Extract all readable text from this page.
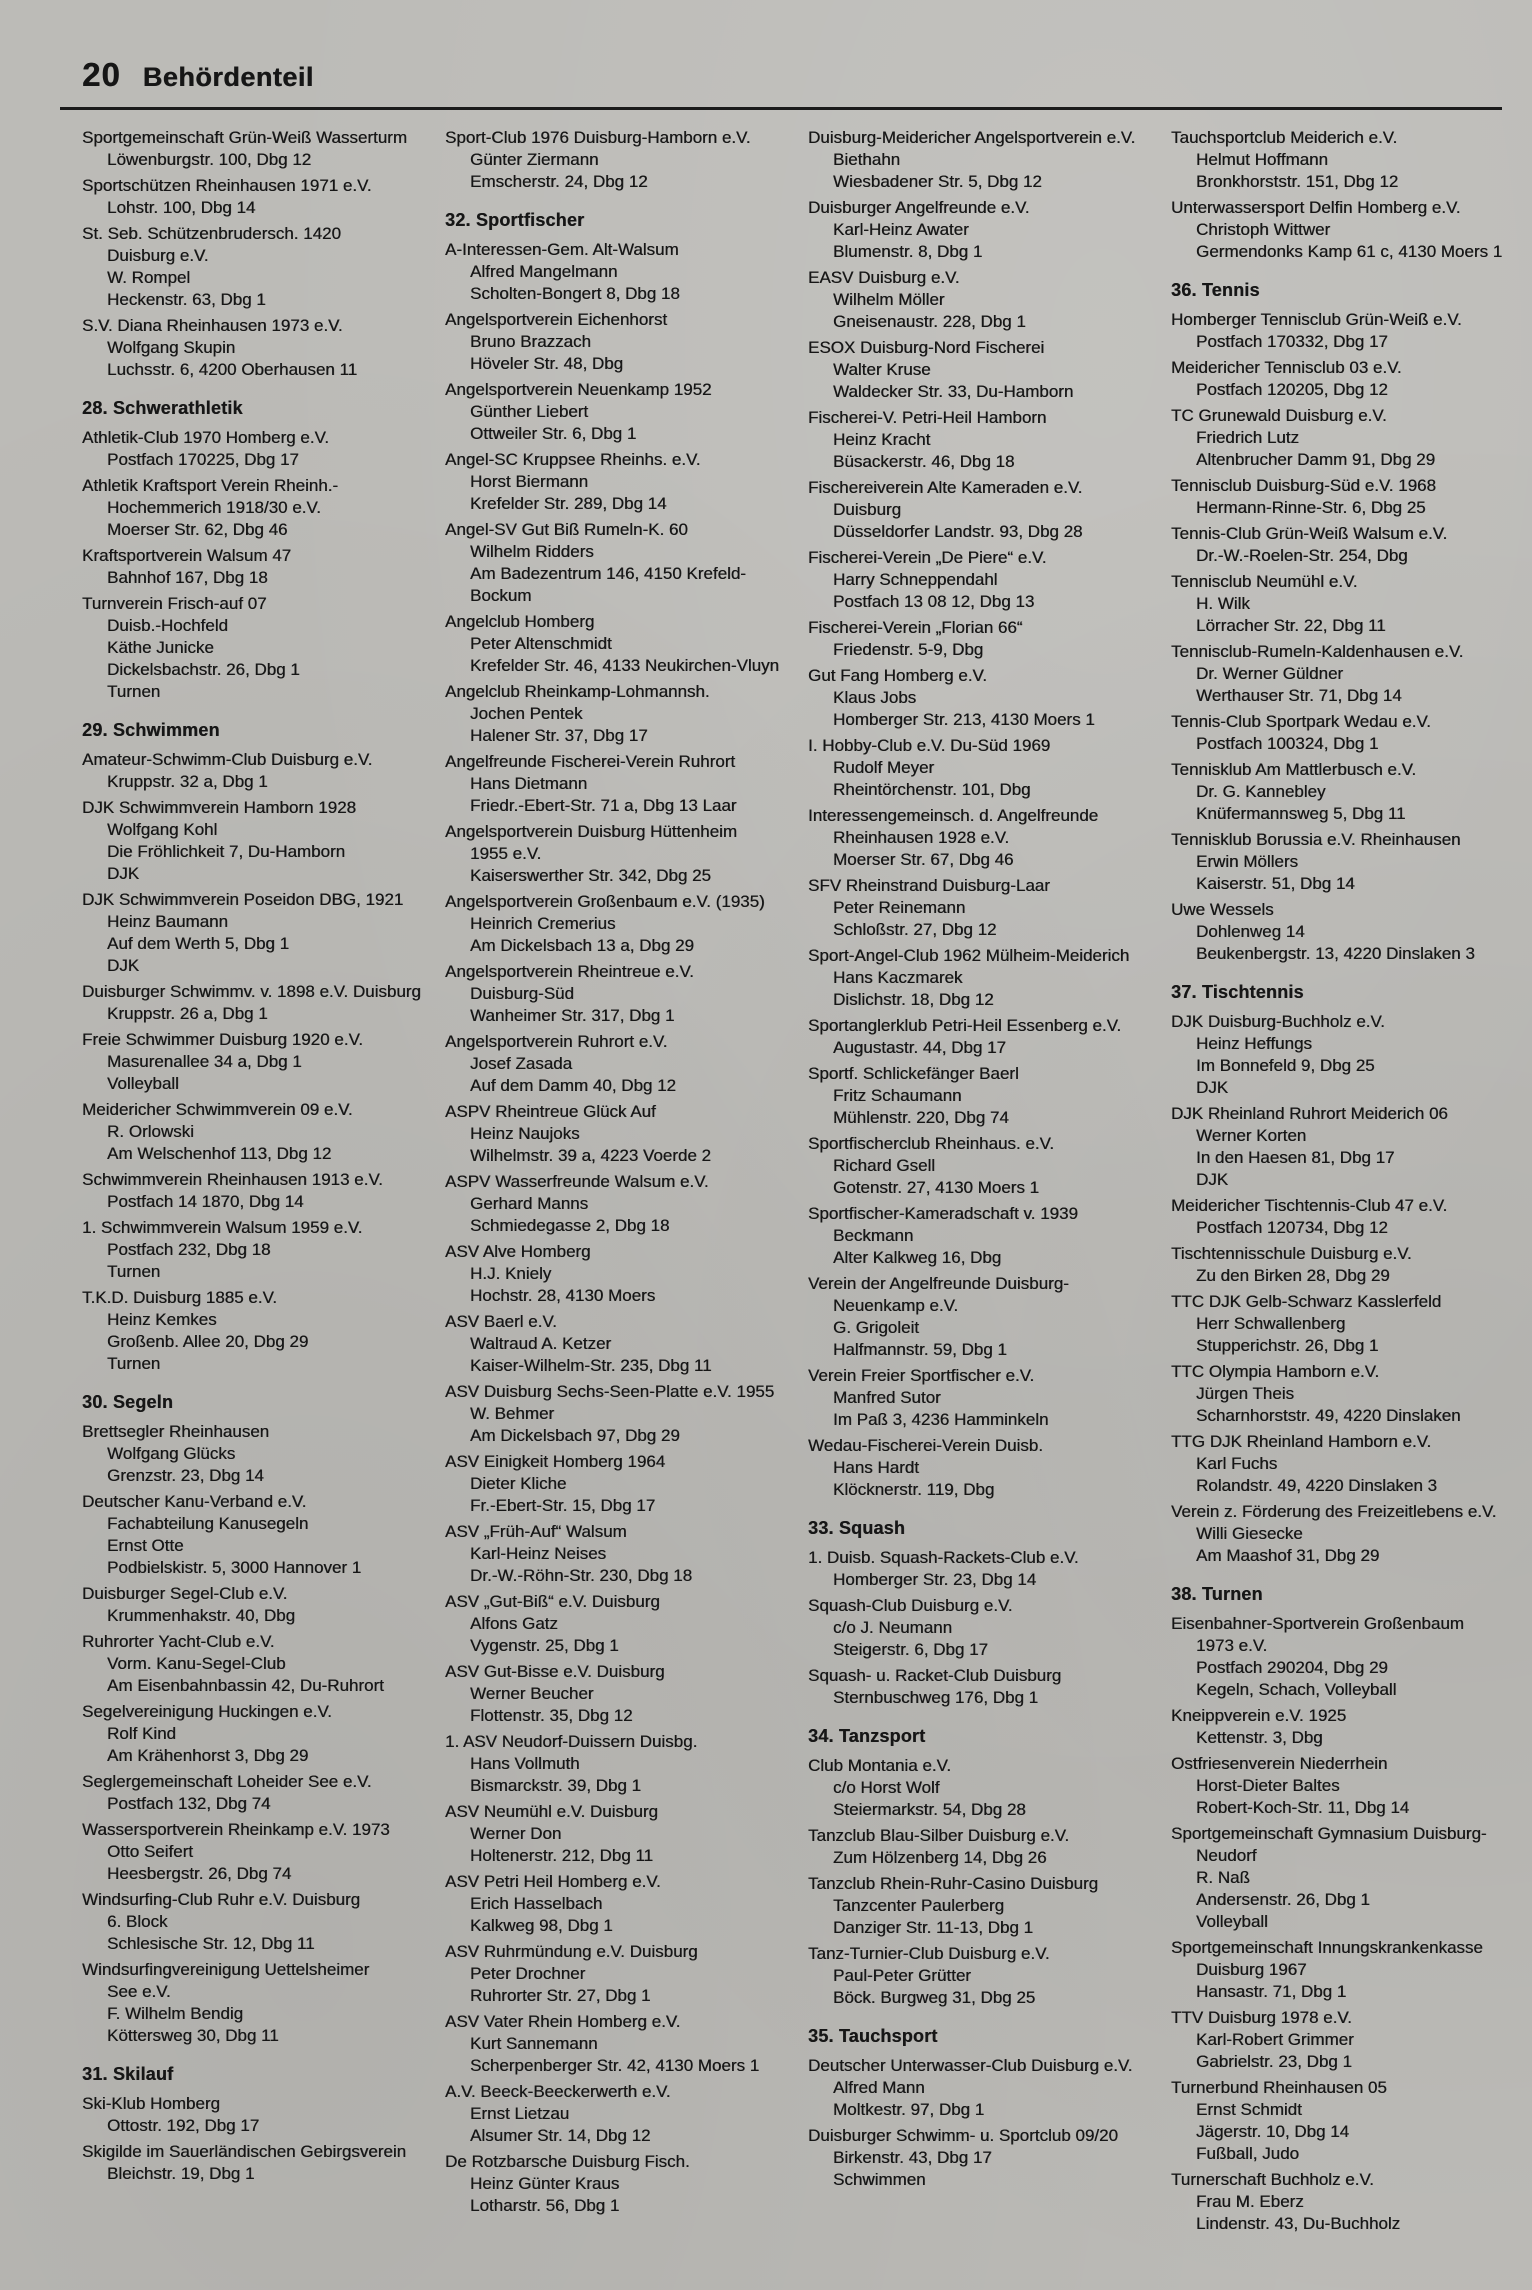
20 Behördenteil
Sportgemeinschaft Grün-Weiß Wasserturm
Löwenburgstr. 100, Dbg 12
Sportschützen Rheinhausen 1971 e.V.
Lohstr. 100, Dbg 14
St. Seb. Schützenbrudersch. 1420
Duisburg e.V.
W. Rompel
Heckenstr. 63, Dbg 1
S.V. Diana Rheinhausen 1973 e.V.
Wolfgang Skupin
Luchsstr. 6, 4200 Oberhausen 11
28. Schwerathletik
Athletik-Club 1970 Homberg e.V.
Postfach 170225, Dbg 17
Athletik Kraftsport Verein Rheinh.-
Hochemmerich 1918/30 e.V.
Moerser Str. 62, Dbg 46
Kraftsportverein Walsum 47
Bahnhof 167, Dbg 18
Turnverein Frisch-auf 07
Duisb.-Hochfeld
Käthe Junicke
Dickelsbachstr. 26, Dbg 1
Turnen
29. Schwimmen
Amateur-Schwimm-Club Duisburg e.V.
Kruppstr. 32 a, Dbg 1
DJK Schwimmverein Hamborn 1928
Wolfgang Kohl
Die Fröhlichkeit 7, Du-Hamborn
DJK
DJK Schwimmverein Poseidon DBG, 1921
Heinz Baumann
Auf dem Werth 5, Dbg 1
DJK
Duisburger Schwimmv. v. 1898 e.V. Duisburg
Kruppstr. 26 a, Dbg 1
Freie Schwimmer Duisburg 1920 e.V.
Masurenallee 34 a, Dbg 1
Volleyball
Meidericher Schwimmverein 09 e.V.
R. Orlowski
Am Welschenhof 113, Dbg 12
Schwimmverein Rheinhausen 1913 e.V.
Postfach 14 1870, Dbg 14
1. Schwimmverein Walsum 1959 e.V.
Postfach 232, Dbg 18
Turnen
T.K.D. Duisburg 1885 e.V.
Heinz Kemkes
Großenb. Allee 20, Dbg 29
Turnen
30. Segeln
Brettsegler Rheinhausen
Wolfgang Glücks
Grenzstr. 23, Dbg 14
Deutscher Kanu-Verband e.V.
Fachabteilung Kanusegeln
Ernst Otte
Podbielskistr. 5, 3000 Hannover 1
Duisburger Segel-Club e.V.
Krummenhakstr. 40, Dbg
Ruhrorter Yacht-Club e.V.
Vorm. Kanu-Segel-Club
Am Eisenbahnbassin 42, Du-Ruhrort
Segelvereinigung Huckingen e.V.
Rolf Kind
Am Krähenhorst 3, Dbg 29
Seglergemeinschaft Loheider See e.V.
Postfach 132, Dbg 74
Wassersportverein Rheinkamp e.V. 1973
Otto Seifert
Heesbergstr. 26, Dbg 74
Windsurfing-Club Ruhr e.V. Duisburg
6. Block
Schlesische Str. 12, Dbg 11
Windsurfingvereinigung Uettelsheimer
See e.V.
F. Wilhelm Bendig
Köttersweg 30, Dbg 11
31. Skilauf
Ski-Klub Homberg
Ottostr. 192, Dbg 17
Skigilde im Sauerländischen Gebirgsverein
Bleichstr. 19, Dbg 1
Sport-Club 1976 Duisburg-Hamborn e.V.
Günter Ziermann
Emscherstr. 24, Dbg 12
32. Sportfischer
A-Interessen-Gem. Alt-Walsum
Alfred Mangelmann
Scholten-Bongert 8, Dbg 18
Angelsportverein Eichenhorst
Bruno Brazzach
Höveler Str. 48, Dbg
Angelsportverein Neuenkamp 1952
Günther Liebert
Ottweiler Str. 6, Dbg 1
Angel-SC Kruppsee Rheinhs. e.V.
Horst Biermann
Krefelder Str. 289, Dbg 14
Angel-SV Gut Biß Rumeln-K. 60
Wilhelm Ridders
Am Badezentrum 146, 4150 Krefeld-
Bockum
Angelclub Homberg
Peter Altenschmidt
Krefelder Str. 46, 4133 Neukirchen-Vluyn
Angelclub Rheinkamp-Lohmannsh.
Jochen Pentek
Halener Str. 37, Dbg 17
Angelfreunde Fischerei-Verein Ruhrort
Hans Dietmann
Friedr.-Ebert-Str. 71 a, Dbg 13 Laar
Angelsportverein Duisburg Hüttenheim
1955 e.V.
Kaiserswerther Str. 342, Dbg 25
Angelsportverein Großenbaum e.V. (1935)
Heinrich Cremerius
Am Dickelsbach 13 a, Dbg 29
Angelsportverein Rheintreue e.V.
Duisburg-Süd
Wanheimer Str. 317, Dbg 1
Angelsportverein Ruhrort e.V.
Josef Zasada
Auf dem Damm 40, Dbg 12
ASPV Rheintreue Glück Auf
Heinz Naujoks
Wilhelmstr. 39 a, 4223 Voerde 2
ASPV Wasserfreunde Walsum e.V.
Gerhard Manns
Schmiedegasse 2, Dbg 18
ASV Alve Homberg
H.J. Kniely
Hochstr. 28, 4130 Moers
ASV Baerl e.V.
Waltraud A. Ketzer
Kaiser-Wilhelm-Str. 235, Dbg 11
ASV Duisburg Sechs-Seen-Platte e.V. 1955
W. Behmer
Am Dickelsbach 97, Dbg 29
ASV Einigkeit Homberg 1964
Dieter Kliche
Fr.-Ebert-Str. 15, Dbg 17
ASV „Früh-Auf“ Walsum
Karl-Heinz Neises
Dr.-W.-Röhn-Str. 230, Dbg 18
ASV „Gut-Biß“ e.V. Duisburg
Alfons Gatz
Vygenstr. 25, Dbg 1
ASV Gut-Bisse e.V. Duisburg
Werner Beucher
Flottenstr. 35, Dbg 12
1. ASV Neudorf-Duissern Duisbg.
Hans Vollmuth
Bismarckstr. 39, Dbg 1
ASV Neumühl e.V. Duisburg
Werner Don
Holtenerstr. 212, Dbg 11
ASV Petri Heil Homberg e.V.
Erich Hasselbach
Kalkweg 98, Dbg 1
ASV Ruhrmündung e.V. Duisburg
Peter Drochner
Ruhrorter Str. 27, Dbg 1
ASV Vater Rhein Homberg e.V.
Kurt Sannemann
Scherpenberger Str. 42, 4130 Moers 1
A.V. Beeck-Beeckerwerth e.V.
Ernst Lietzau
Alsumer Str. 14, Dbg 12
De Rotzbarsche Duisburg Fisch.
Heinz Günter Kraus
Lotharstr. 56, Dbg 1
Duisburg-Meidericher Angelsportverein e.V.
Biethahn
Wiesbadener Str. 5, Dbg 12
Duisburger Angelfreunde e.V.
Karl-Heinz Awater
Blumenstr. 8, Dbg 1
EASV Duisburg e.V.
Wilhelm Möller
Gneisenaustr. 228, Dbg 1
ESOX Duisburg-Nord Fischerei
Walter Kruse
Waldecker Str. 33, Du-Hamborn
Fischerei-V. Petri-Heil Hamborn
Heinz Kracht
Büsackerstr. 46, Dbg 18
Fischereiverein Alte Kameraden e.V.
Duisburg
Düsseldorfer Landstr. 93, Dbg 28
Fischerei-Verein „De Piere“ e.V.
Harry Schneppendahl
Postfach 13 08 12, Dbg 13
Fischerei-Verein „Florian 66“
Friedenstr. 5-9, Dbg
Gut Fang Homberg e.V.
Klaus Jobs
Homberger Str. 213, 4130 Moers 1
I. Hobby-Club e.V. Du-Süd 1969
Rudolf Meyer
Rheintörchenstr. 101, Dbg
Interessengemeinsch. d. Angelfreunde
Rheinhausen 1928 e.V.
Moerser Str. 67, Dbg 46
SFV Rheinstrand Duisburg-Laar
Peter Reinemann
Schloßstr. 27, Dbg 12
Sport-Angel-Club 1962 Mülheim-Meiderich
Hans Kaczmarek
Dislichstr. 18, Dbg 12
Sportanglerklub Petri-Heil Essenberg e.V.
Augustastr. 44, Dbg 17
Sportf. Schlickefänger Baerl
Fritz Schaumann
Mühlenstr. 220, Dbg 74
Sportfischerclub Rheinhaus. e.V.
Richard Gsell
Gotenstr. 27, 4130 Moers 1
Sportfischer-Kameradschaft v. 1939
Beckmann
Alter Kalkweg 16, Dbg
Verein der Angelfreunde Duisburg-
Neuenkamp e.V.
G. Grigoleit
Halfmannstr. 59, Dbg 1
Verein Freier Sportfischer e.V.
Manfred Sutor
Im Paß 3, 4236 Hamminkeln
Wedau-Fischerei-Verein Duisb.
Hans Hardt
Klöcknerstr. 119, Dbg
33. Squash
1. Duisb. Squash-Rackets-Club e.V.
Homberger Str. 23, Dbg 14
Squash-Club Duisburg e.V.
c/o J. Neumann
Steigerstr. 6, Dbg 17
Squash- u. Racket-Club Duisburg
Sternbuschweg 176, Dbg 1
34. Tanzsport
Club Montania e.V.
c/o Horst Wolf
Steiermarkstr. 54, Dbg 28
Tanzclub Blau-Silber Duisburg e.V.
Zum Hölzenberg 14, Dbg 26
Tanzclub Rhein-Ruhr-Casino Duisburg
Tanzcenter Paulerberg
Danziger Str. 11-13, Dbg 1
Tanz-Turnier-Club Duisburg e.V.
Paul-Peter Grütter
Böck. Burgweg 31, Dbg 25
35. Tauchsport
Deutscher Unterwasser-Club Duisburg e.V.
Alfred Mann
Moltkestr. 97, Dbg 1
Duisburger Schwimm- u. Sportclub 09/20
Birkenstr. 43, Dbg 17
Schwimmen
Tauchsportclub Meiderich e.V.
Helmut Hoffmann
Bronkhorststr. 151, Dbg 12
Unterwassersport Delfin Homberg e.V.
Christoph Wittwer
Germendonks Kamp 61 c, 4130 Moers 1
36. Tennis
Homberger Tennisclub Grün-Weiß e.V.
Postfach 170332, Dbg 17
Meidericher Tennisclub 03 e.V.
Postfach 120205, Dbg 12
TC Grunewald Duisburg e.V.
Friedrich Lutz
Altenbrucher Damm 91, Dbg 29
Tennisclub Duisburg-Süd e.V. 1968
Hermann-Rinne-Str. 6, Dbg 25
Tennis-Club Grün-Weiß Walsum e.V.
Dr.-W.-Roelen-Str. 254, Dbg
Tennisclub Neumühl e.V.
H. Wilk
Lörracher Str. 22, Dbg 11
Tennisclub-Rumeln-Kaldenhausen e.V.
Dr. Werner Güldner
Werthauser Str. 71, Dbg 14
Tennis-Club Sportpark Wedau e.V.
Postfach 100324, Dbg 1
Tennisklub Am Mattlerbusch e.V.
Dr. G. Kannebley
Knüfermannsweg 5, Dbg 11
Tennisklub Borussia e.V. Rheinhausen
Erwin Möllers
Kaiserstr. 51, Dbg 14
Uwe Wessels
Dohlenweg 14
Beukenbergstr. 13, 4220 Dinslaken 3
37. Tischtennis
DJK Duisburg-Buchholz e.V.
Heinz Heffungs
Im Bonnefeld 9, Dbg 25
DJK
DJK Rheinland Ruhrort Meiderich 06
Werner Korten
In den Haesen 81, Dbg 17
DJK
Meidericher Tischtennis-Club 47 e.V.
Postfach 120734, Dbg 12
Tischtennisschule Duisburg e.V.
Zu den Birken 28, Dbg 29
TTC DJK Gelb-Schwarz Kasslerfeld
Herr Schwallenberg
Stupperichstr. 26, Dbg 1
TTC Olympia Hamborn e.V.
Jürgen Theis
Scharnhorststr. 49, 4220 Dinslaken
TTG DJK Rheinland Hamborn e.V.
Karl Fuchs
Rolandstr. 49, 4220 Dinslaken 3
Verein z. Förderung des Freizeitlebens e.V.
Willi Giesecke
Am Maashof 31, Dbg 29
38. Turnen
Eisenbahner-Sportverein Großenbaum
1973 e.V.
Postfach 290204, Dbg 29
Kegeln, Schach, Volleyball
Kneippverein e.V. 1925
Kettenstr. 3, Dbg
Ostfriesenverein Niederrhein
Horst-Dieter Baltes
Robert-Koch-Str. 11, Dbg 14
Sportgemeinschaft Gymnasium Duisburg-
Neudorf
R. Naß
Andersenstr. 26, Dbg 1
Volleyball
Sportgemeinschaft Innungskrankenkasse
Duisburg 1967
Hansastr. 71, Dbg 1
TTV Duisburg 1978 e.V.
Karl-Robert Grimmer
Gabrielstr. 23, Dbg 1
Turnerbund Rheinhausen 05
Ernst Schmidt
Jägerstr. 10, Dbg 14
Fußball, Judo
Turnerschaft Buchholz e.V.
Frau M. Eberz
Lindenstr. 43, Du-Buchholz
